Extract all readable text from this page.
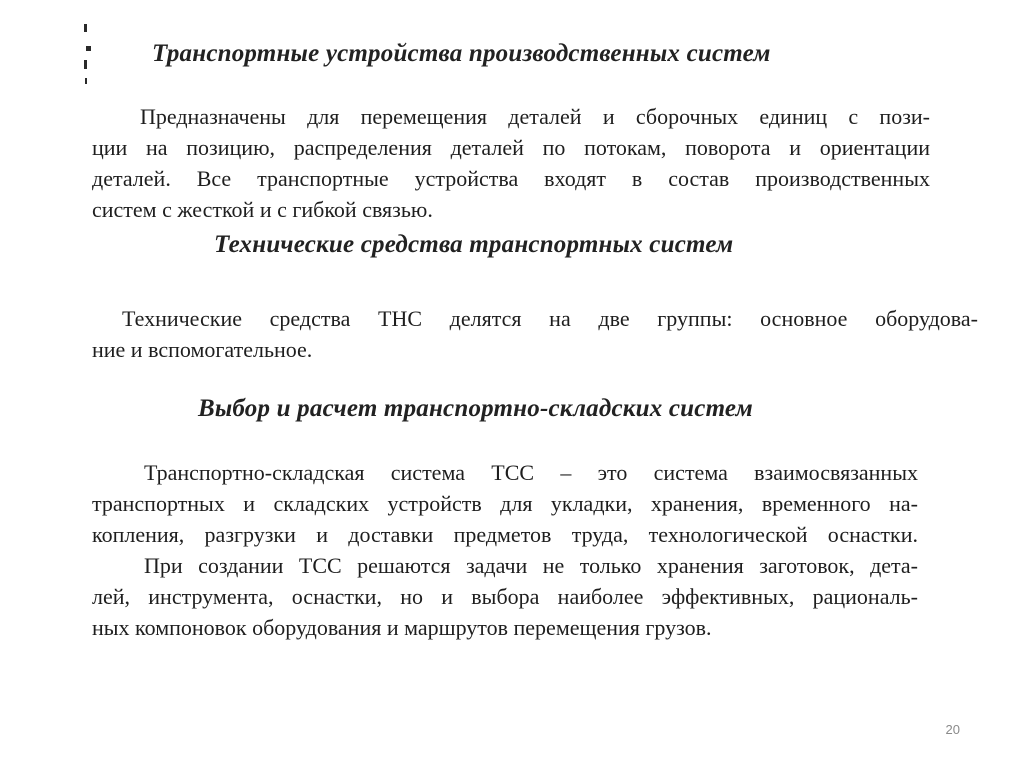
Транспортные устройства производственных систем
Предназначены для перемещения деталей и сборочных единиц с пози-
ции на позицию, распределения деталей по потокам, поворота и ориентации
деталей. Все транспортные устройства входят в состав производственных
систем с жесткой и с гибкой связью.
Технические средства транспортных систем
Технические средства ТНС делятся на две группы: основное оборудова-
ние и вспомогательное.
Выбор и расчет транспортно-складских систем
Транспортно-складская система ТСС – это система взаимосвязанных
транспортных и складских устройств для укладки, хранения, временного на-
копления, разгрузки и доставки предметов труда, технологической оснастки.
При создании ТСС решаются задачи не только хранения заготовок, дета-
лей, инструмента, оснастки, но и выбора наиболее эффективных, рациональ-
ных компоновок оборудования и маршрутов перемещения грузов.
20
